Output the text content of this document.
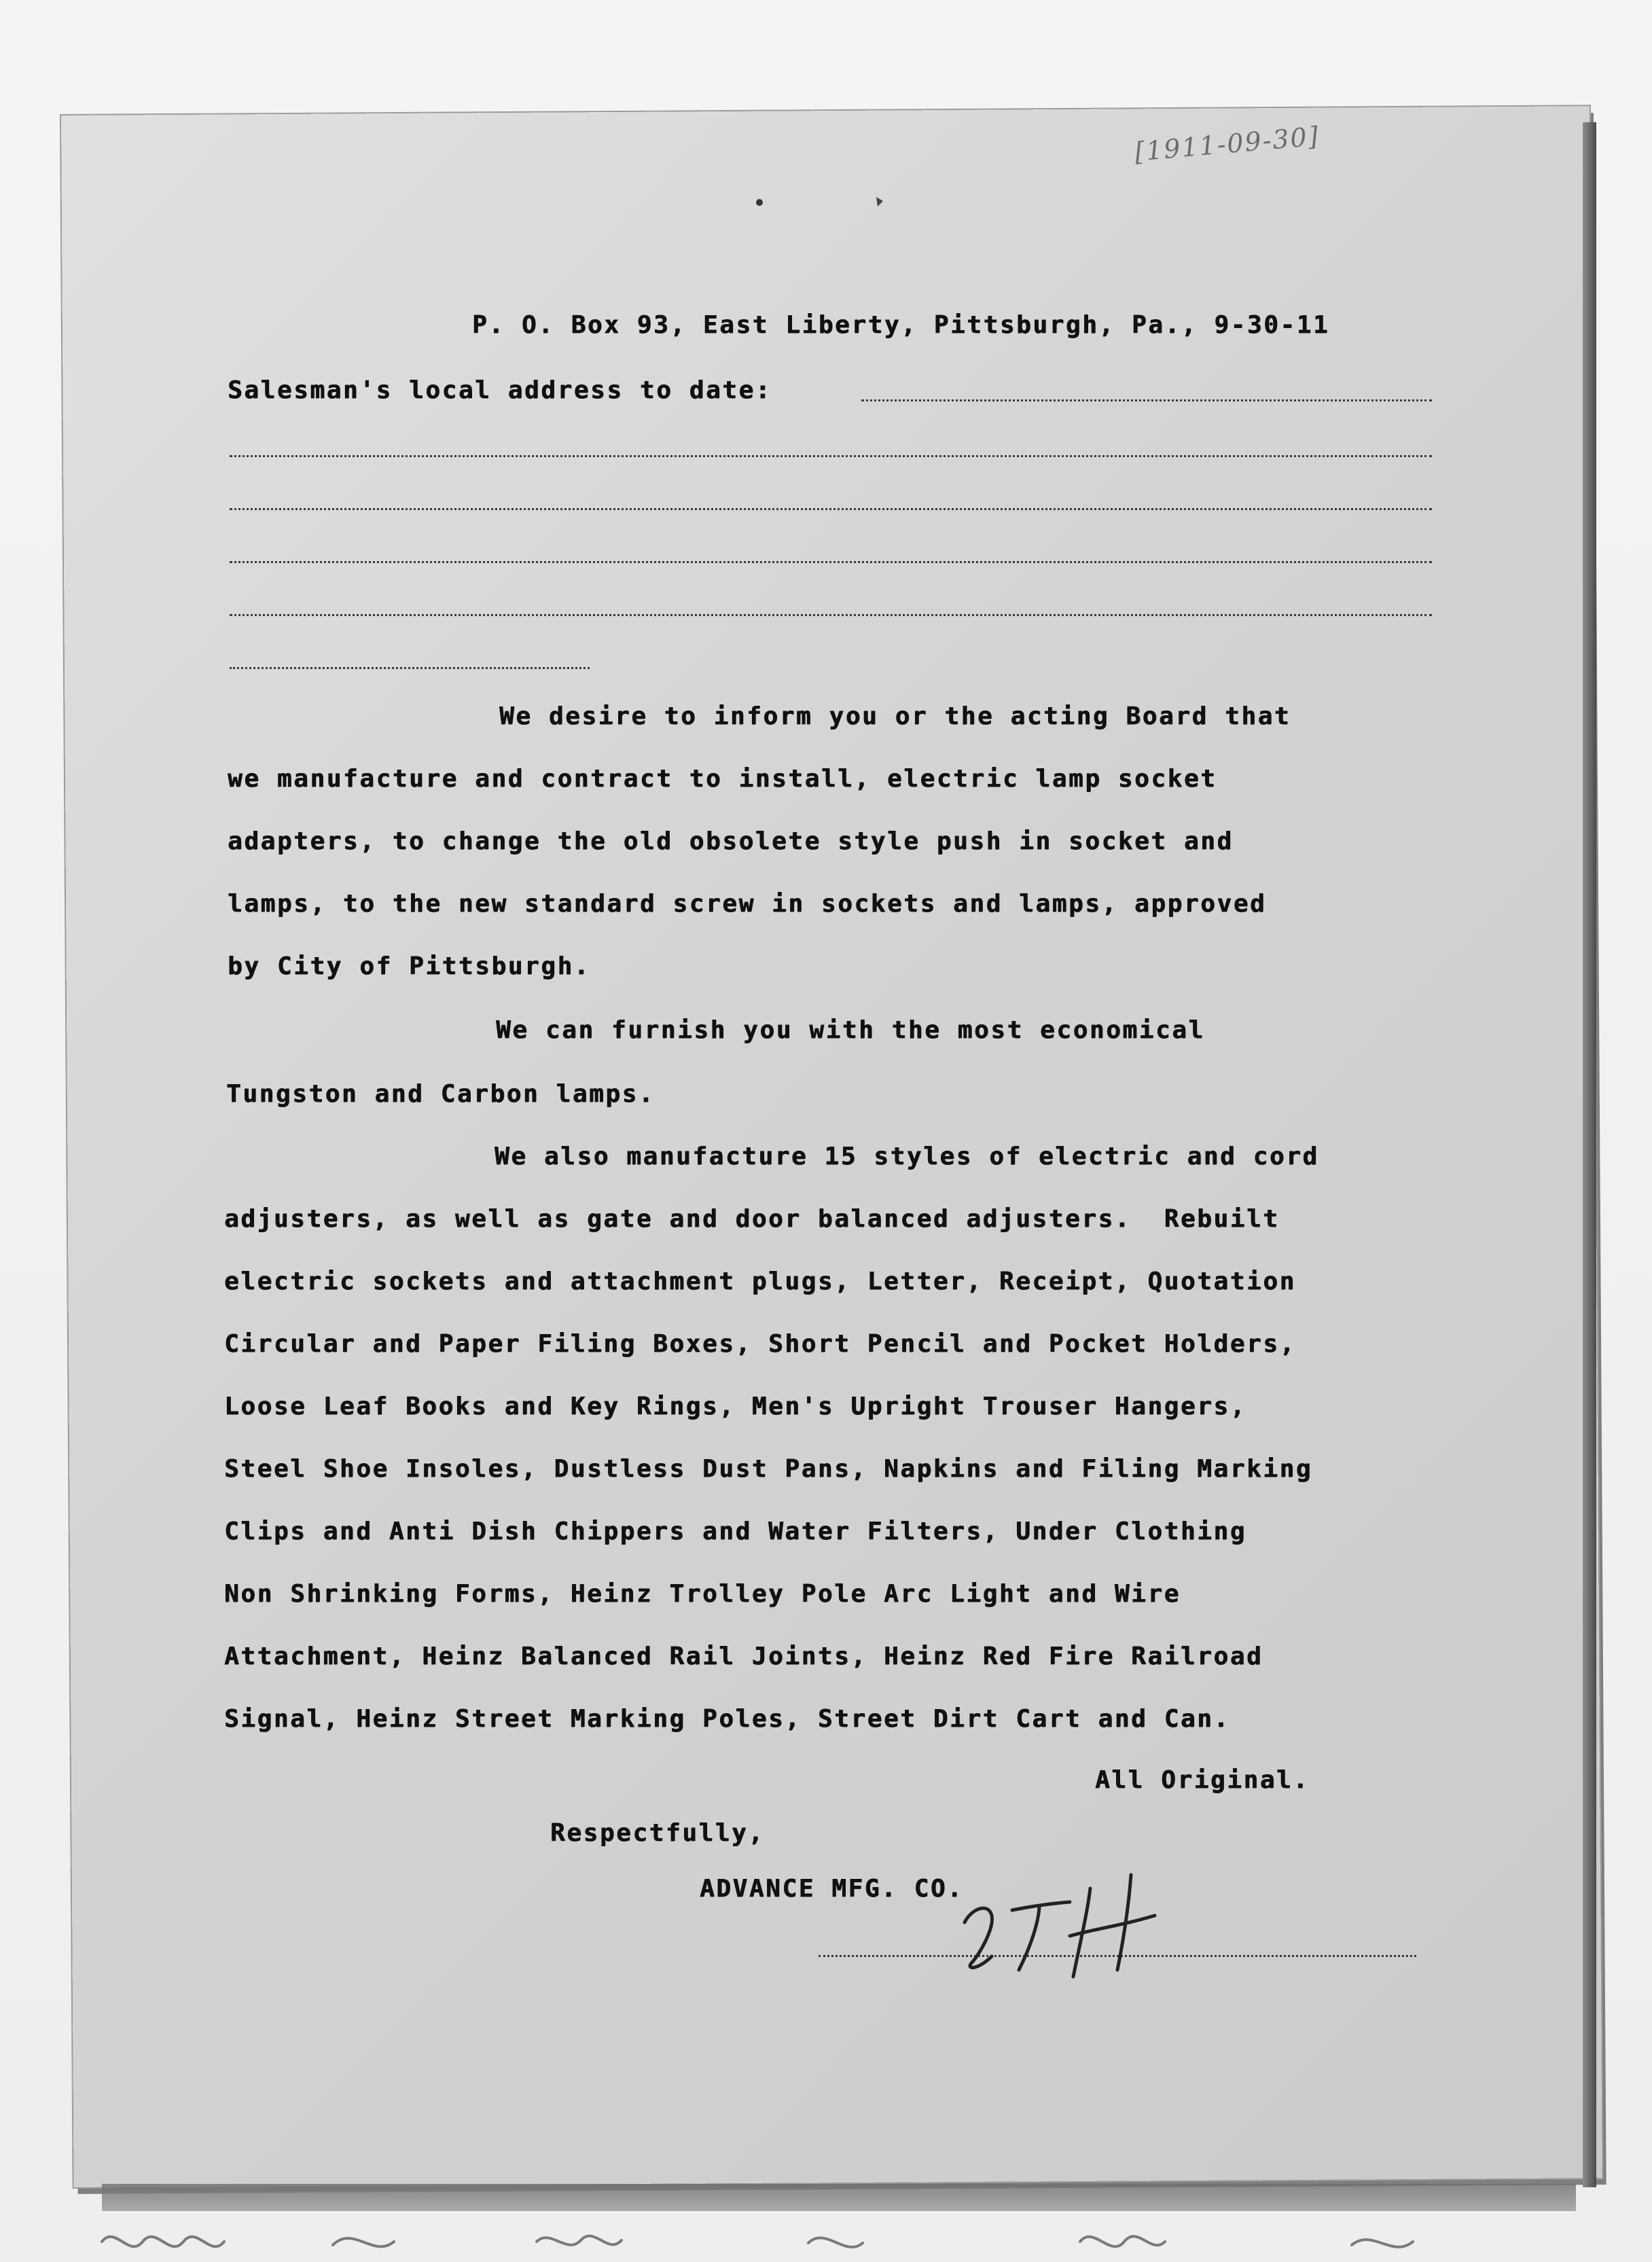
[1911-09-30]
P. O. Box 93, East Liberty, Pittsburgh, Pa., 9-30-11
Salesman's local address to date:
We desire to inform you or the acting Board that
we manufacture and contract to install, electric lamp socket
adapters, to change the old obsolete style push in socket and
lamps, to the new standard screw in sockets and lamps, approved
by City of Pittsburgh.
We can furnish you with the most economical
Tungston and Carbon lamps.
We also manufacture 15 styles of electric and cord
adjusters, as well as gate and door balanced adjusters.  Rebuilt
electric sockets and attachment plugs, Letter, Receipt, Quotation
Circular and Paper Filing Boxes, Short Pencil and Pocket Holders,
Loose Leaf Books and Key Rings, Men's Upright Trouser Hangers,
Steel Shoe Insoles, Dustless Dust Pans, Napkins and Filing Marking
Clips and Anti Dish Chippers and Water Filters, Under Clothing
Non Shrinking Forms, Heinz Trolley Pole Arc Light and Wire
Attachment, Heinz Balanced Rail Joints, Heinz Red Fire Railroad
Signal, Heinz Street Marking Poles, Street Dirt Cart and Can.
All Original.
Respectfully,
ADVANCE MFG. CO.
